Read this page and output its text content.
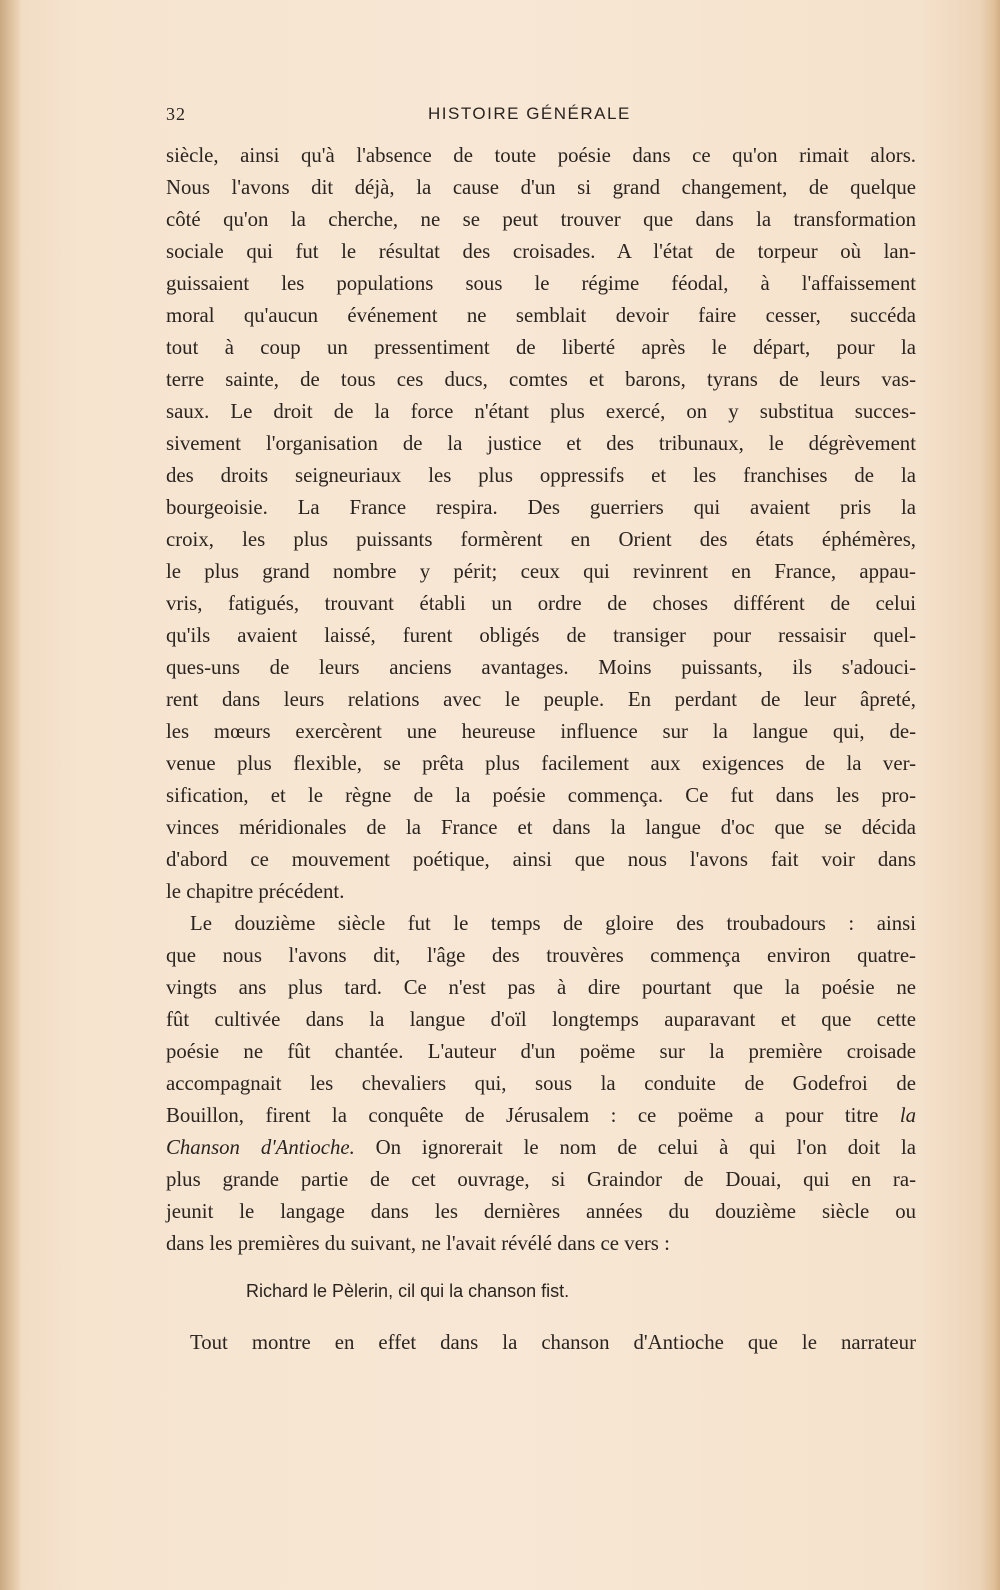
32	HISTOIRE GÉNÉRALE
siècle, ainsi qu'à l'absence de toute poésie dans ce qu'on rimait alors.
Nous l'avons dit déjà, la cause d'un si grand changement, de quelque
côté qu'on la cherche, ne se peut trouver que dans la transformation
sociale qui fut le résultat des croisades. A l'état de torpeur où lan-
guissaient les populations sous le régime féodal, à l'affaissement
moral qu'aucun événement ne semblait devoir faire cesser, succéda
tout à coup un pressentiment de liberté après le départ, pour la
terre sainte, de tous ces ducs, comtes et barons, tyrans de leurs vas-
saux. Le droit de la force n'étant plus exercé, on y substitua succes-
sivement l'organisation de la justice et des tribunaux, le dégrèvement
des droits seigneuriaux les plus oppressifs et les franchises de la
bourgeoisie. La France respira. Des guerriers qui avaient pris la
croix, les plus puissants formèrent en Orient des états éphémères,
le plus grand nombre y périt; ceux qui revinrent en France, appau-
vris, fatigués, trouvant établi un ordre de choses différent de celui
qu'ils avaient laissé, furent obligés de transiger pour ressaisir quel-
ques-uns de leurs anciens avantages. Moins puissants, ils s'adouci-
rent dans leurs relations avec le peuple. En perdant de leur âpreté,
les mœurs exercèrent une heureuse influence sur la langue qui, de-
venue plus flexible, se prêta plus facilement aux exigences de la ver-
sification, et le règne de la poésie commença. Ce fut dans les pro-
vinces méridionales de la France et dans la langue d'oc que se décida
d'abord ce mouvement poétique, ainsi que nous l'avons fait voir dans
le chapitre précédent.
Le douzième siècle fut le temps de gloire des troubadours : ainsi
que nous l'avons dit, l'âge des trouvères commença environ quatre-
vingts ans plus tard. Ce n'est pas à dire pourtant que la poésie ne
fût cultivée dans la langue d'oïl longtemps auparavant et que cette
poésie ne fût chantée. L'auteur d'un poëme sur la première croisade
accompagnait les chevaliers qui, sous la conduite de Godefroi de
Bouillon, firent la conquête de Jérusalem : ce poëme a pour titre la
Chanson d'Antioche. On ignorerait le nom de celui à qui l'on doit la
plus grande partie de cet ouvrage, si Graindor de Douai, qui en ra-
jeunit le langage dans les dernières années du douzième siècle ou
dans les premières du suivant, ne l'avait révélé dans ce vers :
Richard le Pèlerin, cil qui la chanson fist.
Tout montre en effet dans la chanson d'Antioche que le narrateur
